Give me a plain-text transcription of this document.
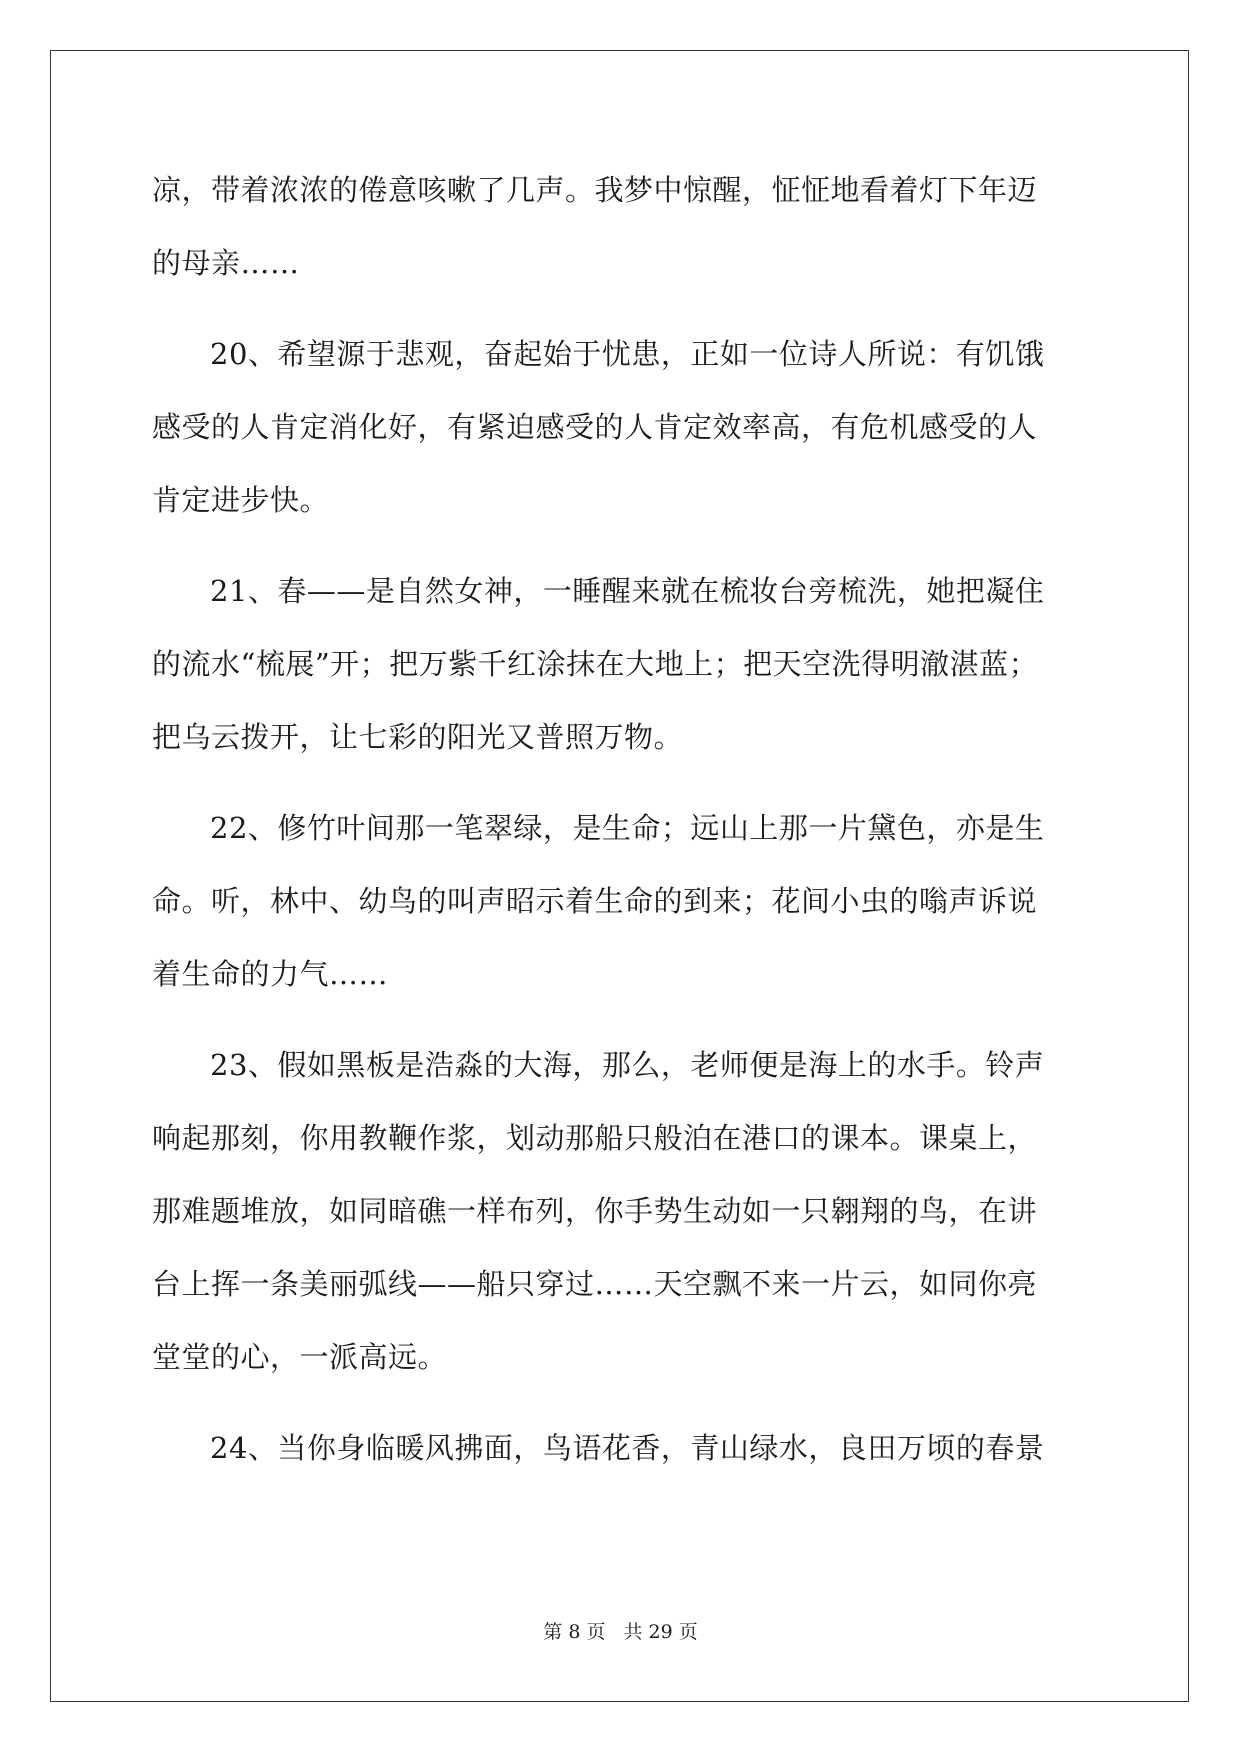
凉，带着浓浓的倦意咳嗽了几声。我梦中惊醒，怔怔地看着灯下年迈
的母亲……
20、希望源于悲观，奋起始于忧患，正如一位诗人所说：有饥饿
感受的人肯定消化好，有紧迫感受的人肯定效率高，有危机感受的人
肯定进步快。
21、春——是自然女神，一睡醒来就在梳妆台旁梳洗，她把凝住
的流水“梳展”开；把万紫千红涂抹在大地上；把天空洗得明澈湛蓝；
把乌云拨开，让七彩的阳光又普照万物。
22、修竹叶间那一笔翠绿，是生命；远山上那一片黛色，亦是生
命。听，林中、幼鸟的叫声昭示着生命的到来；花间小虫的嗡声诉说
着生命的力气……
23、假如黑板是浩淼的大海，那么，老师便是海上的水手。铃声
响起那刻，你用教鞭作浆，划动那船只般泊在港口的课本。课桌上，
那难题堆放，如同暗礁一样布列，你手势生动如一只翱翔的鸟，在讲
台上挥一条美丽弧线——船只穿过……天空飘不来一片云，如同你亮
堂堂的心，一派高远。
24、当你身临暖风拂面，鸟语花香，青山绿水，良田万顷的春景
第 8 页 共 29 页
